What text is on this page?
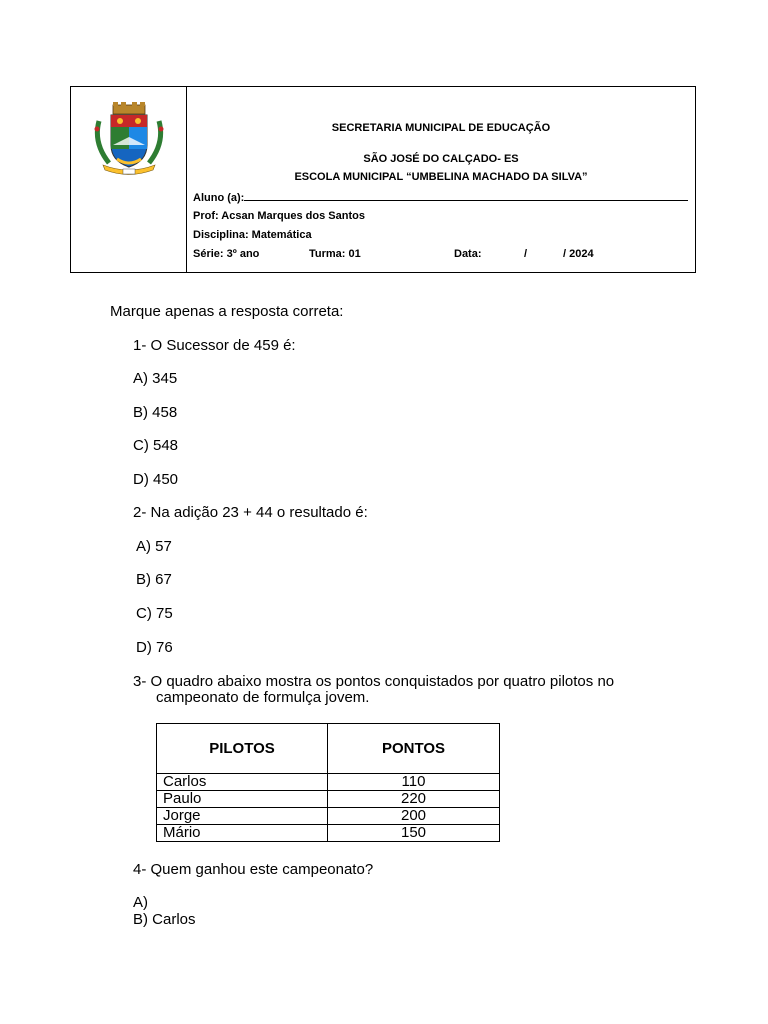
SECRETARIA MUNICIPAL DE EDUCAÇÃO
SÃO JOSÉ DO CALÇADO- ES
ESCOLA MUNICIPAL “UMBELINA MACHADO DA SILVA”
Aluno (a):
Prof: Acsan Marques dos Santos
Disciplina: Matemática
Série: 3º ano	Turma: 01	Data:	/	/ 2024
Marque apenas a resposta correta:
1- O Sucessor de 459 é:
A) 345
B) 458
C) 548
D) 450
2- Na adição 23 + 44 o resultado é:
A) 57
B) 67
C) 75
D) 76
3- O quadro abaixo mostra os pontos conquistados por quatro pilotos no
campeonato de formulça jovem.
PILOTOS	PONTOS
Carlos	110
Paulo	220
Jorge	200
Mário	150
4- Quem ganhou este campeonato?
A)
B) Carlos
